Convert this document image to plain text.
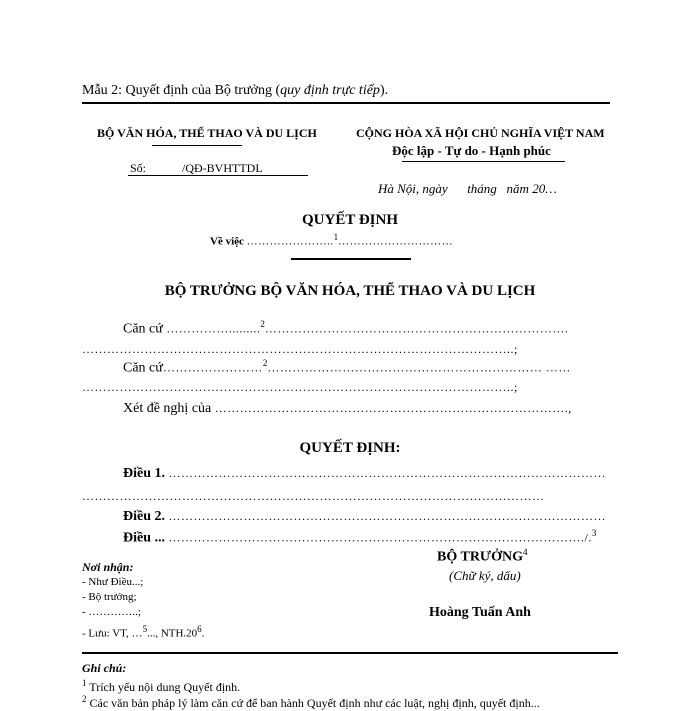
Mẫu 2: Quyết định của Bộ trưởng (quy định trực tiếp).
BỘ VĂN HÓA, THỂ THAO VÀ DU LỊCH
Số:	/QĐ-BVHTTDL
CỘNG HÒA XÃ HỘI CHỦ NGHĨA VIỆT NAM
Độc lập - Tự do - Hạnh phúc
Hà Nội, ngày      tháng   năm 20…
QUYẾT ĐỊNH
Về việc …………………..$^1$…………………………
BỘ TRƯỞNG BỘ VĂN HÓA, THỂ THAO VÀ DU LỊCH
Căn cứ …………….........$^2$……………………………………………………………….
…………………………………………………………………………………………..;
Căn cứ……………………$^2$………………………………………………………… ……
…………………………………………………………………………………………..;
Xét đề nghị của ………………………………………………………………………….,
QUYẾT ĐỊNH:
Điều 1. ……………………………………………………………………………………………
…………………………………………………………………………………………………
Điều 2. ……………………………………………………………………………………………
Điều ... ………………………………………………………………………………………./.$^3$
BỘ TRƯỞNG$^4$
(Chữ ký, dấu)
Hoàng Tuấn Anh
Nơi nhận:
- Như Điều...;
- Bộ trưởng;
- …………..;
- Lưu: VT, …$^5$..., $NTH.20^6$.
Ghi chú:
$^1$ Trích yếu nội dung Quyết định.
$^2$ Các văn bản pháp lý làm căn cứ để ban hành Quyết định như các luật, nghị định, quyết định...
